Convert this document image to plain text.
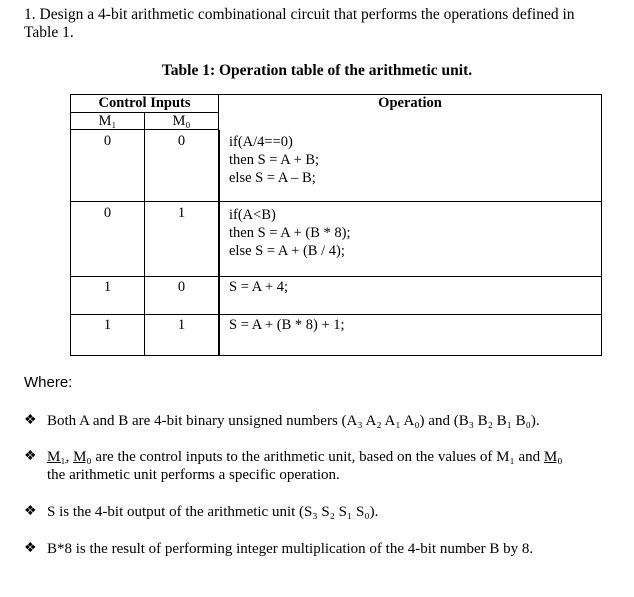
1. Design a 4-bit arithmetic combinational circuit that performs the operations defined in
Table 1.
Table 1: Operation table of the arithmetic unit.
Control Inputs	Operation
M₁	M₀
0	0	if(A/4==0)
then S = A + B;
else S = A – B;
0	1	if(A<B)
then S = A + (B * 8);
else S = A + (B / 4);
1	0	S = A + 4;
1	1	S = A + (B * 8) + 1;
Where:
❖ Both A and B are 4-bit binary unsigned numbers (A₃ A₂ A₁ A₀) and (B₃ B₂ B₁ B₀).
❖ M₁, M₀ are the control inputs to the arithmetic unit, based on the values of M₁ and M₀
the arithmetic unit performs a specific operation.
❖ S is the 4-bit output of the arithmetic unit (S₃ S₂ S₁ S₀).
❖ B*8 is the result of performing integer multiplication of the 4-bit number B by 8.
